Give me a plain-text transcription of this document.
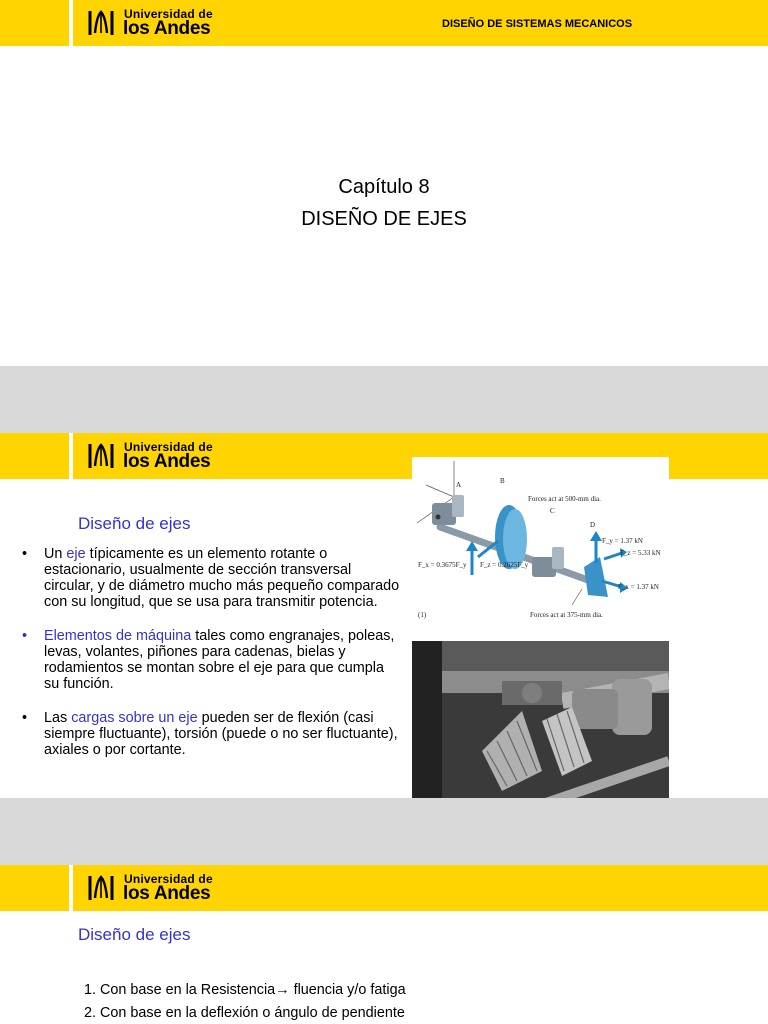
Universidad de
los Andes	DISEÑO DE SISTEMAS MECANICOS
Capítulo 8
DISEÑO DE EJES
Universidad de
los Andes
Diseño de ejes
• Un eje típicamente es un elemento rotante o estacionario, usualmente de sección transversal circular, y de diámetro mucho más pequeño comparado con su longitud, que se usa para transmitir potencia.
• Elementos de máquina tales como engranajes, poleas, levas, volantes, piñones para cadenas, bielas y rodamientos se montan sobre el eje para que cumpla su función.
• Las cargas sobre un eje pueden ser de flexión (casi siempre fluctuante), torsión (puede o no ser fluctuante), axiales o por cortante.
A	B
C
D
Forces act at 500-mm dia.
F_y = 1.37 kN
F_z = 5.33 kN
F_x = 1.37 kN
F_x = 0.3675F_y F_z = 0.2625F_y
(1)	Forces act at 375-mm dia.
Universidad de
los Andes
Diseño de ejes
1. Con base en la Resistencia→ fluencia y/o fatiga
2. Con base en la deflexión o ángulo de pendiente
